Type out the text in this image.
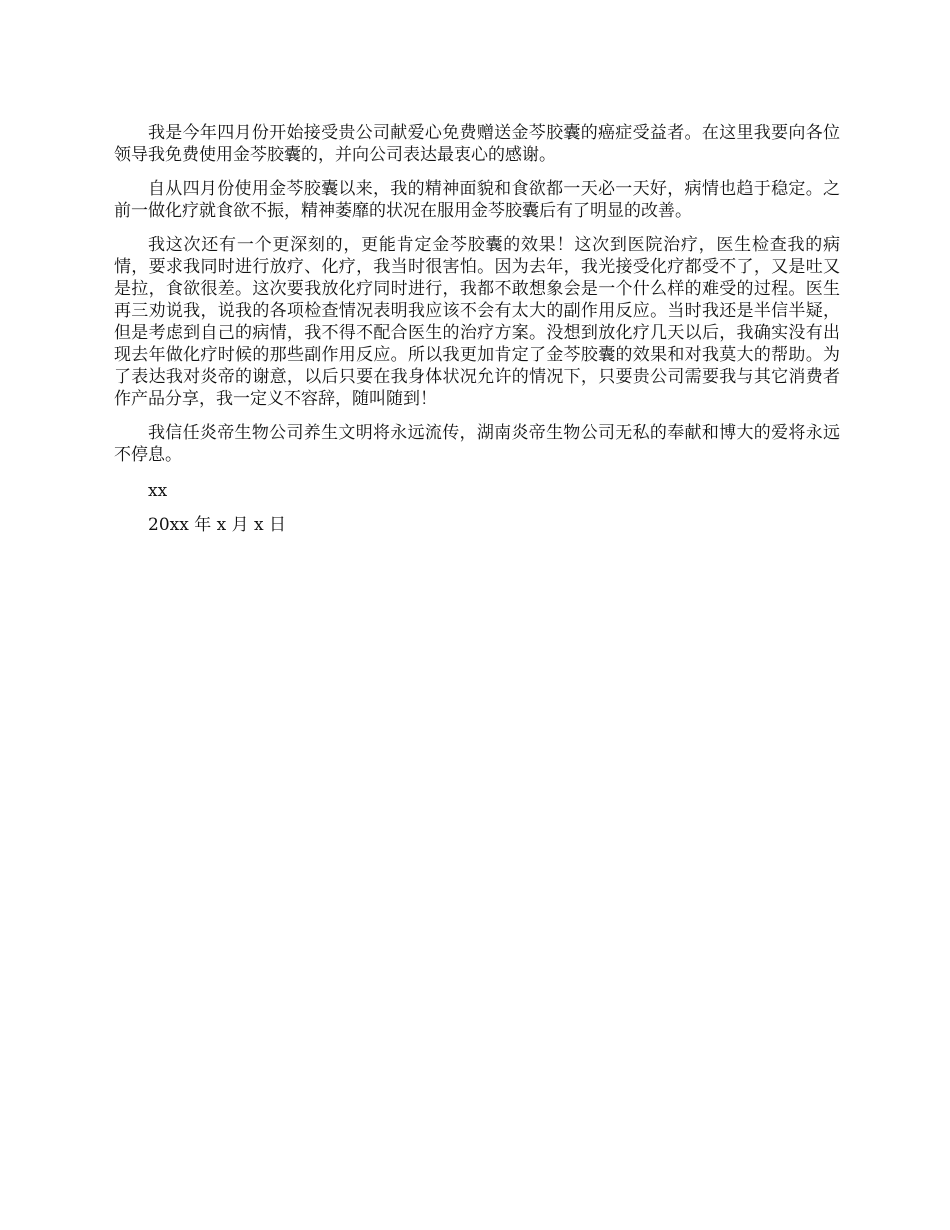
我是今年四月份开始接受贵公司献爱心免费赠送金芩胶囊的癌症受益者。在这里我要向各位领导我免费使用金芩胶囊的，并向公司表达最衷心的感谢。

自从四月份使用金芩胶囊以来，我的精神面貌和食欲都一天必一天好，病情也趋于稳定。之前一做化疗就食欲不振，精神萎靡的状况在服用金芩胶囊后有了明显的改善。

我这次还有一个更深刻的，更能肯定金芩胶囊的效果！这次到医院治疗，医生检查我的病情，要求我同时进行放疗、化疗，我当时很害怕。因为去年，我光接受化疗都受不了，又是吐又是拉，食欲很差。这次要我放化疗同时进行，我都不敢想象会是一个什么样的难受的过程。医生再三劝说我，说我的各项检查情况表明我应该不会有太大的副作用反应。当时我还是半信半疑，但是考虑到自己的病情，我不得不配合医生的治疗方案。没想到放化疗几天以后，我确实没有出现去年做化疗时候的那些副作用反应。所以我更加肯定了金芩胶囊的效果和对我莫大的帮助。为了表达我对炎帝的谢意，以后只要在我身体状况允许的情况下，只要贵公司需要我与其它消费者作产品分享，我一定义不容辞，随叫随到！

我信任炎帝生物公司养生文明将永远流传，湖南炎帝生物公司无私的奉献和博大的爱将永远不停息。

xx

20xx 年 x 月 x 日
